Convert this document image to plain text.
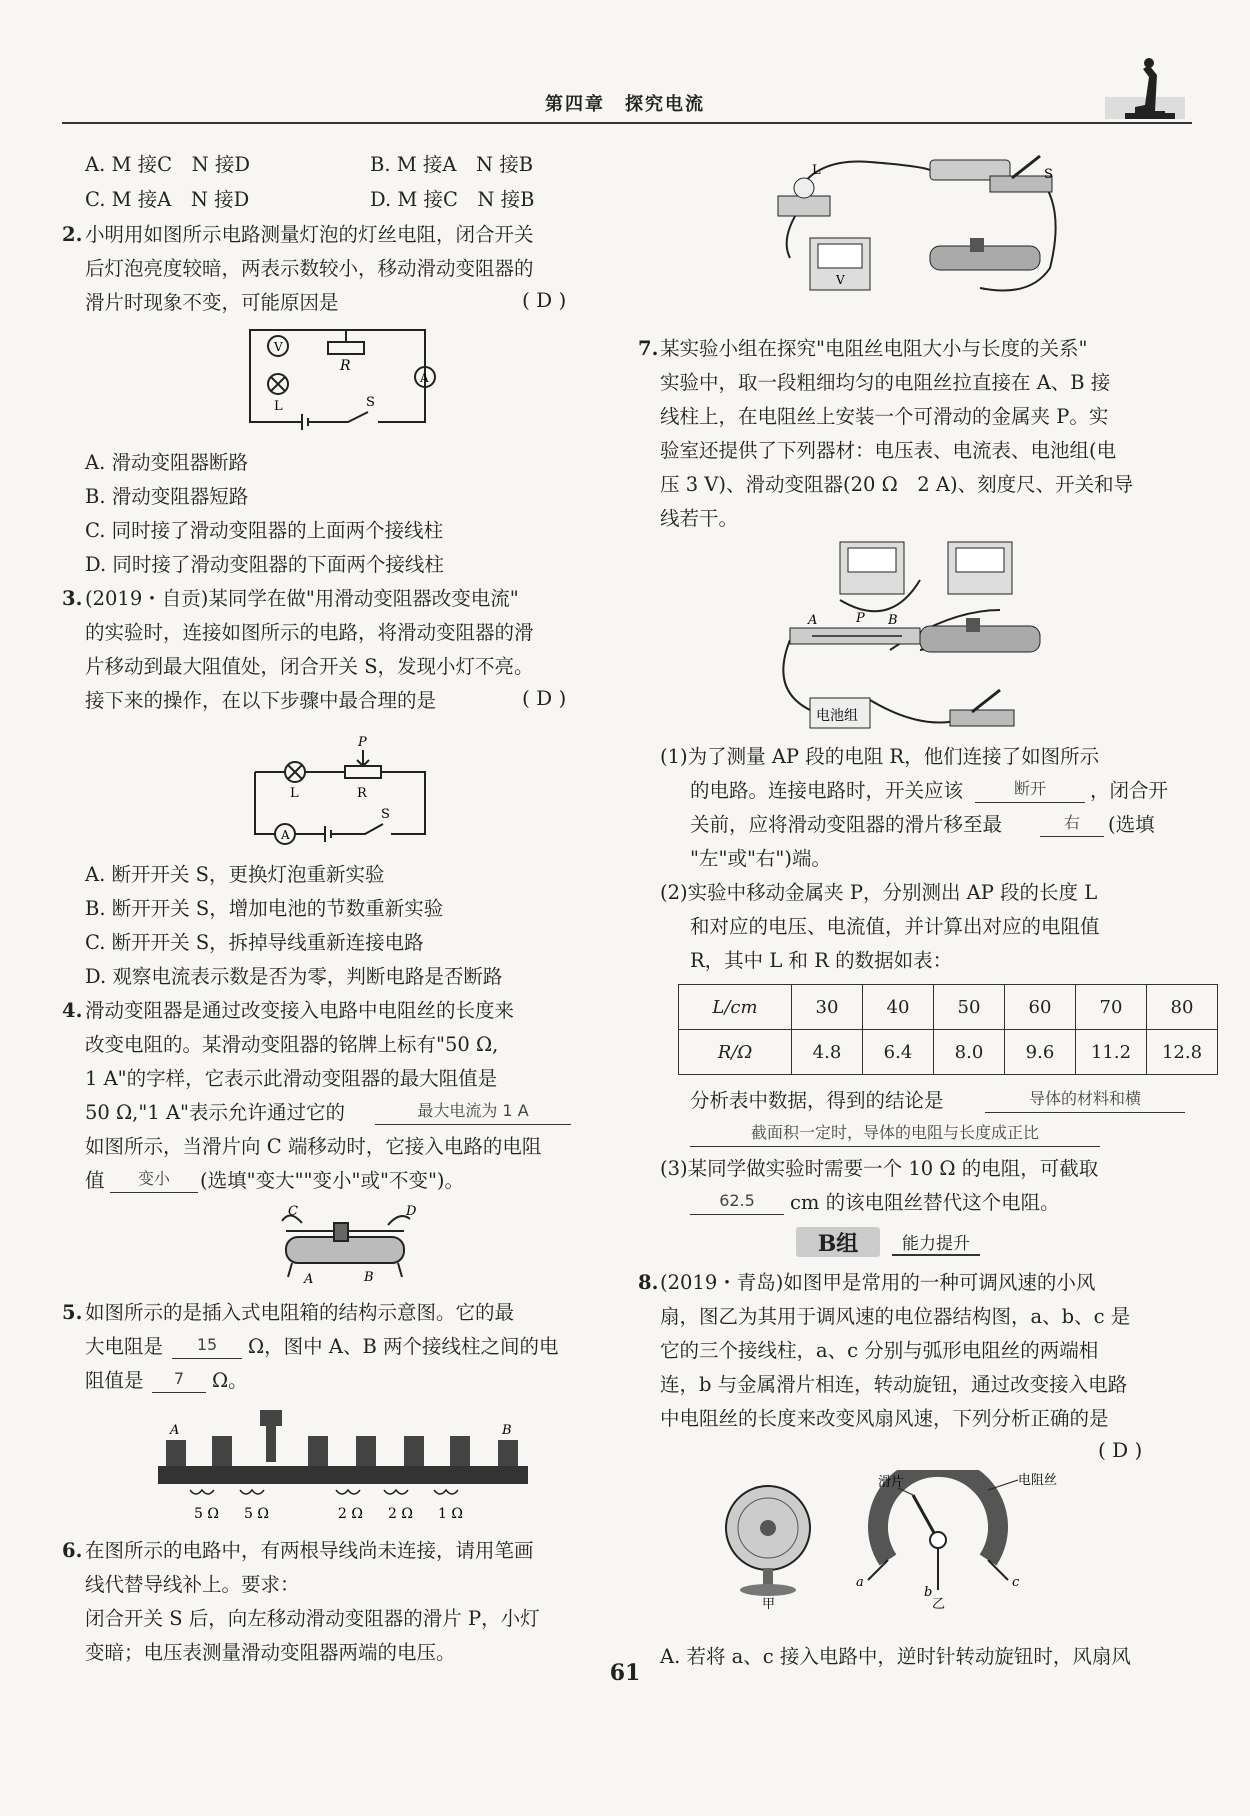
第四章　探究电流
A. M 接C　N 接D	B. M 接A　N 接B
C. M 接A　N 接D	D. M 接C　N 接B
2. 小明用如图所示电路测量灯泡的灯丝电阻，闭合开关
后灯泡亮度较暗，两表示数较小，移动滑动变阻器的
滑片时现象不变，可能原因是	( D )
V
R
A
L	S
A. 滑动变阻器断路
B. 滑动变阻器短路
C. 同时接了滑动变阻器的上面两个接线柱
D. 同时接了滑动变阻器的下面两个接线柱
3. (2019・自贡)某同学在做"用滑动变阻器改变电流"
的实验时，连接如图所示的电路，将滑动变阻器的滑
片移动到最大阻值处，闭合开关 S，发现小灯不亮。
接下来的操作，在以下步骤中最合理的是	( D )
P
L	R
A
S
A. 断开开关 S，更换灯泡重新实验
B. 断开开关 S，增加电池的节数重新实验
C. 断开开关 S，拆掉导线重新连接电路
D. 观察电流表示数是否为零，判断电路是否断路
4. 滑动变阻器是通过改变接入电路中电阻丝的长度来
改变电阻的。某滑动变阻器的铭牌上标有"50 Ω,
1 A"的字样，它表示此滑动变阻器的最大阻值是
50 Ω,"1 A"表示允许通过它的	最大电流为 1 A
如图所示，当滑片向 C 端移动时，它接入电路的电阻
值	变小	(选填"变大""变小"或"不变")。
C	D
A	B
5. 如图所示的是插入式电阻箱的结构示意图。它的最
大电阻是	15	Ω，图中 A、B 两个接线柱之间的电
阻值是	7	Ω。
A	B
5 Ω 5 Ω	2 Ω 2 Ω 1 Ω
6. 在图所示的电路中，有两根导线尚未连接，请用笔画
线代替导线补上。要求：
闭合开关 S 后，向左移动滑动变阻器的滑片 P，小灯
变暗；电压表测量滑动变阻器两端的电压。
L	S
V
7. 某实验小组在探究"电阻丝电阻大小与长度的关系"
实验中，取一段粗细均匀的电阻丝拉直接在 A、B 接
线柱上，在电阻丝上安装一个可滑动的金属夹 P。实
验室还提供了下列器材：电压表、电流表、电池组(电
压 3 V)、滑动变阻器(20 Ω　2 A)、刻度尺、开关和导
线若干。
A	P B
电池组
(1)为了测量 AP 段的电阻 R，他们连接了如图所示
的电路。连接电路时，开关应该	断开	，闭合开
关前，应将滑动变阻器的滑片移至最	右	(选填
"左"或"右")端。
(2)实验中移动金属夹 P，分别测出 AP 段的长度 L
和对应的电压、电流值，并计算出对应的电阻值
R，其中 L 和 R 的数据如表：
L/cm	30	40	50	60	70	80
R/Ω	4.8	6.4	8.0	9.6	11.2	12.8
分析表中数据，得到的结论是	导体的材料和横
截面积一定时，导体的电阻与长度成正比
(3)某同学做实验时需要一个 10 Ω 的电阻，可截取
62.5	cm 的该电阻丝替代这个电阻。
B组	能力提升
8. (2019・青岛)如图甲是常用的一种可调风速的小风
扇，图乙为其用于调风速的电位器结构图，a、b、c 是
它的三个接线柱，a、c 分别与弧形电阻丝的两端相
连，b 与金属滑片相连，转动旋钮，通过改变接入电路
中电阻丝的长度来改变风扇风速，下列分析正确的是
( D )
甲	乙
滑片	电阻丝
a
b
c
A. 若将 a、c 接入电路中，逆时针转动旋钮时，风扇风
61
